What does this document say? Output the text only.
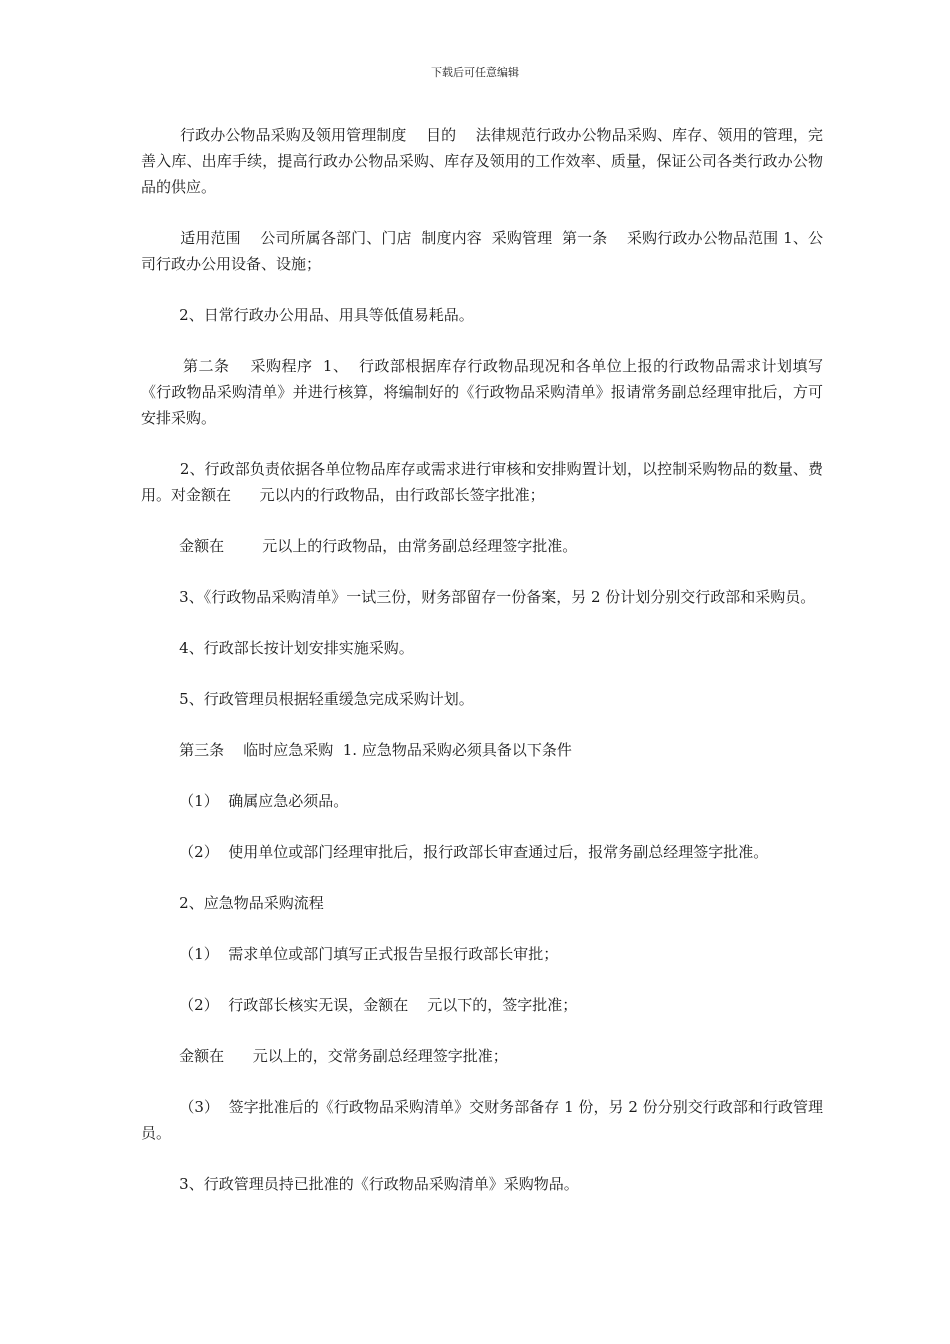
下载后可任意编辑

行政办公物品采购及领用管理制度    目的    法律规范行政办公物品采购、库存、领用的管理，完善入库、出库手续，提高行政办公物品采购、库存及领用的工作效率、质量，保证公司各类行政办公物品的供应。

适用范围    公司所属各部门、门店  制度内容  采购管理  第一条    采购行政办公物品范围 1、公司行政办公用设备、设施；

2、日常行政办公用品、用具等低值易耗品。

第二条    采购程序  1、  行政部根据库存行政物品现况和各单位上报的行政物品需求计划填写《行政物品采购清单》并进行核算，将编制好的《行政物品采购清单》报请常务副总经理审批后，方可安排采购。

2、行政部负责依据各单位物品库存或需求进行审核和安排购置计划，以控制采购物品的数量、费用。对金额在      元以内的行政物品，由行政部长签字批准；

金额在        元以上的行政物品，由常务副总经理签字批准。

3、《行政物品采购清单》一试三份，财务部留存一份备案，另 2 份计划分别交行政部和采购员。

4、行政部长按计划安排实施采购。

5、行政管理员根据轻重缓急完成采购计划。

第三条    临时应急采购  1. 应急物品采购必须具备以下条件

（1）  确属应急必须品。

（2）  使用单位或部门经理审批后，报行政部长审查通过后，报常务副总经理签字批准。

2、应急物品采购流程

（1）  需求单位或部门填写正式报告呈报行政部长审批；

（2）  行政部长核实无误，金额在    元以下的，签字批准；

金额在      元以上的，交常务副总经理签字批准；

（3）  签字批准后的《行政物品采购清单》交财务部备存 1 份，另 2 份分别交行政部和行政管理员。

3、行政管理员持已批准的《行政物品采购清单》采购物品。
